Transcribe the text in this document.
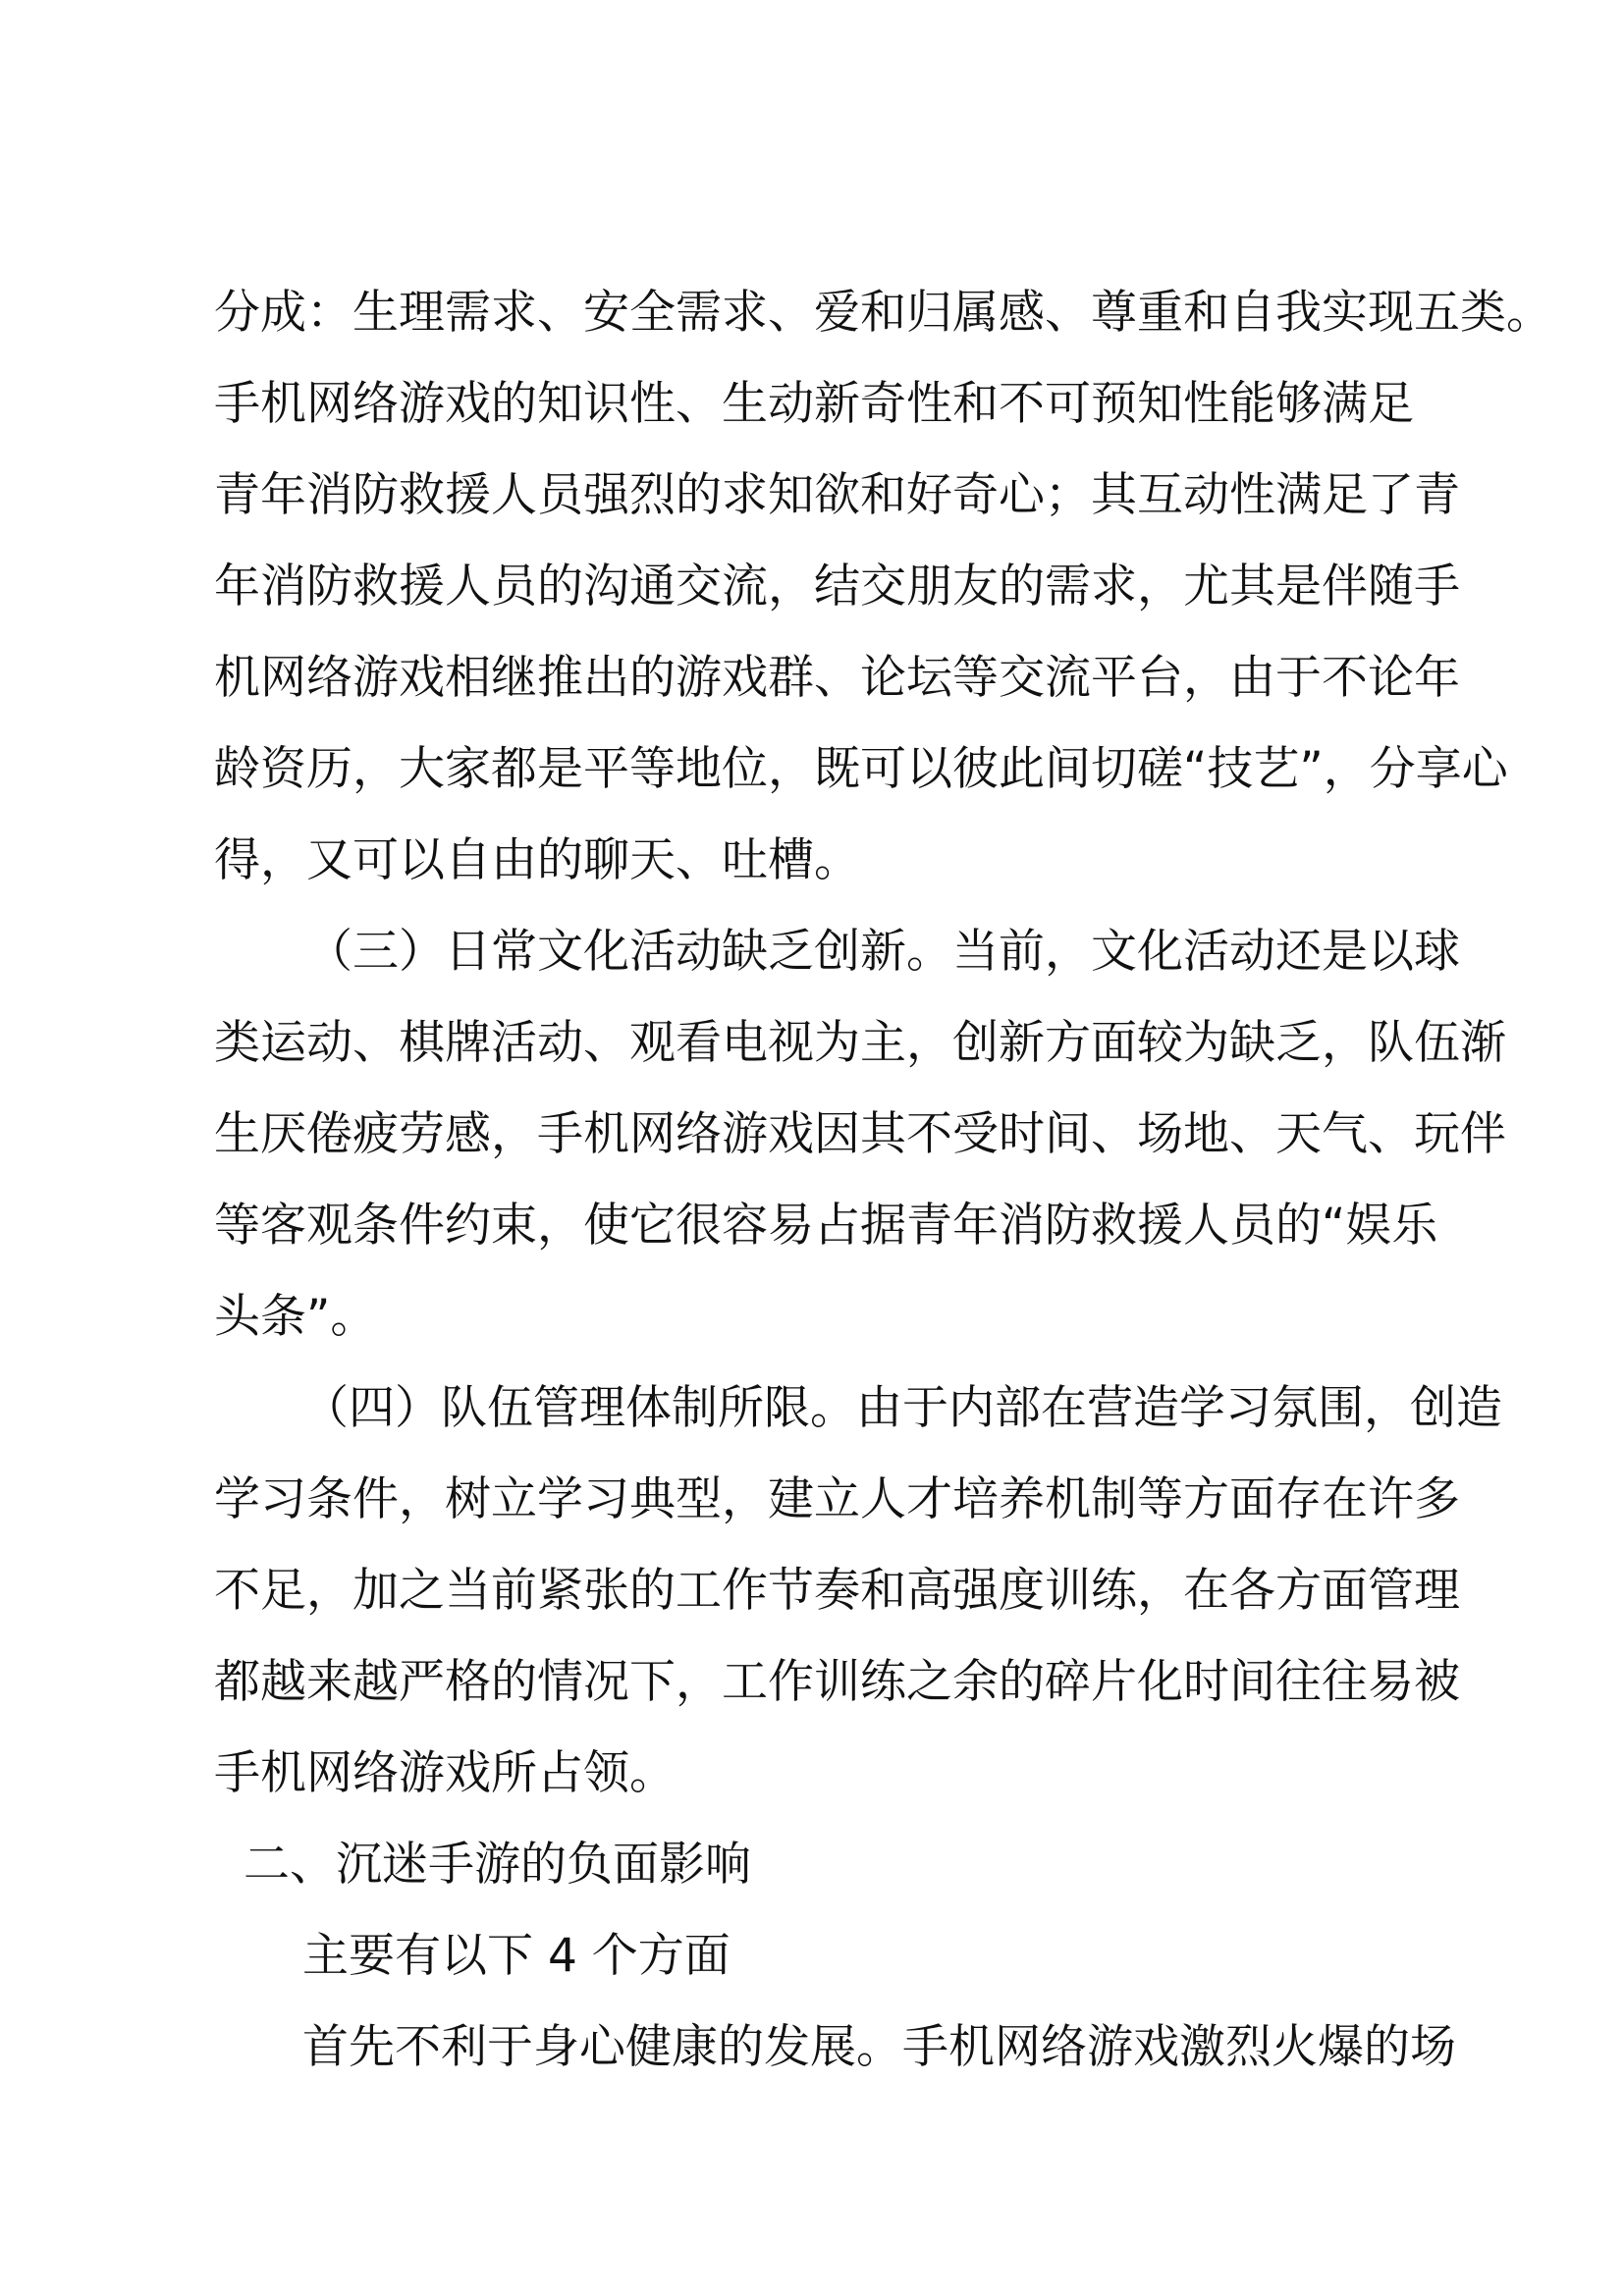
分成：生理需求、安全需求、爱和归属感、尊重和自我实现五类。
手机网络游戏的知识性、生动新奇性和不可预知性能够满足
青年消防救援人员强烈的求知欲和好奇心；其互动性满足了青
年消防救援人员的沟通交流，结交朋友的需求，尤其是伴随手
机网络游戏相继推出的游戏群、论坛等交流平台，由于不论年
龄资历，大家都是平等地位，既可以彼此间切磋“技艺”，分享心
得，又可以自由的聊天、吐槽。
（三）日常文化活动缺乏创新。当前，文化活动还是以球
类运动、棋牌活动、观看电视为主，创新方面较为缺乏，队伍渐
生厌倦疲劳感，手机网络游戏因其不受时间、场地、天气、玩伴
等客观条件约束，使它很容易占据青年消防救援人员的“娱乐
头条”。
（四）队伍管理体制所限。由于内部在营造学习氛围，创造
学习条件，树立学习典型，建立人才培养机制等方面存在许多
不足，加之当前紧张的工作节奏和高强度训练，在各方面管理
都越来越严格的情况下，工作训练之余的碎片化时间往往易被
手机网络游戏所占领。
二、沉迷手游的负面影响
主要有以下 4 个方面
首先不利于身心健康的发展。手机网络游戏激烈火爆的场
